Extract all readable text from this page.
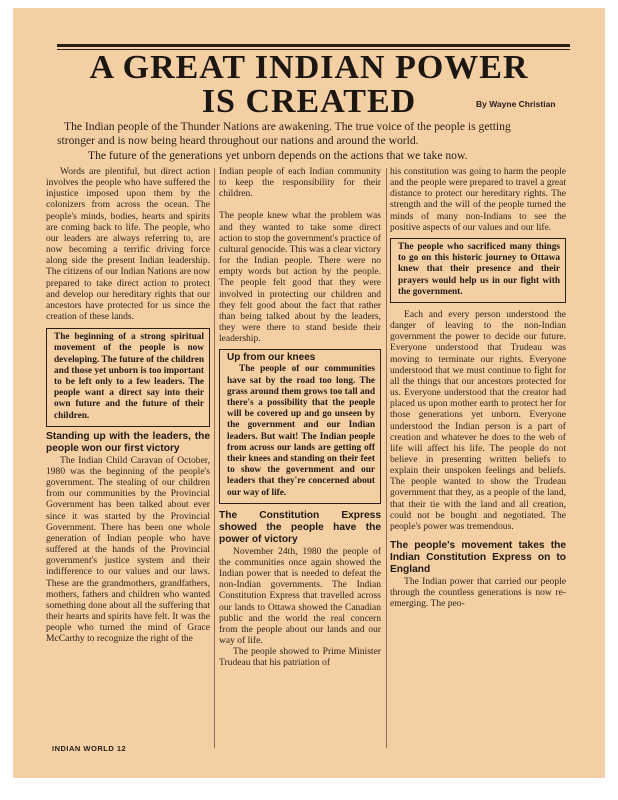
A GREAT INDIAN POWER
IS CREATED	By Wayne Christian
The Indian people of the Thunder Nations are awakening. The true voice of the people is getting
stronger and is now being heard throughout our nations and around the world.
The future of the generations yet unborn depends on the actions that we take now.

Words are plentiful, but direct action involves the people who have suffered the injustice imposed upon them by the colonizers from across the ocean. The people's minds, bodies, hearts and spirits are coming back to life. The people, who our leaders are always referring to, are now becoming a terrific driving force along side the present Indian leadership. The citizens of our Indian Nations are now prepared to take direct action to protect and develop our hereditary rights that our ancestors have protected for us since the creation of these lands.

The beginning of a strong spiritual movement of the people is now developing. The future of the children and those yet unborn is too important to be left only to a few leaders. The people want a direct say into their own future and the future of their children.
Standing up with the leaders, the people won our first victory

The Indian Child Caravan of October, 1980 was the beginning of the people's government. The stealing of our children from our communities by the Provincial Government has been talked about ever since it was started by the Provincial Government. There has been one whole generation of Indian people who have suffered at the hands of the Provincial government's justice system and their indifference to our values and our laws. These are the grandmothers, grandfathers, mothers, fathers and children who wanted something done about all the suffering that their hearts and spirits have felt. It was the people who turned the mind of Grace McCarthy to recognize the right of the

Indian people of each Indian community to keep the responsibility for their children.

The people knew what the problem was and they wanted to take some direct action to stop the government's practice of cultural genocide. This was a clear victory for the Indian people. There were no empty words but action by the people. The people felt good that they were involved in protecting our children and they felt good about the fact that rather than being talked about by the leaders, they were there to stand beside their leadership.

Up from our knees
The people of our communities have sat by the road too long. The grass around them grows too tall and there's a possibility that the people will be covered up and go unseen by the government and our Indian leaders. But wait! The Indian people from across our lands are getting off their knees and standing on their feet to show the government and our leaders that they're concerned about our way of life.
The Constitution Express showed the people have the power of victory

November 24th, 1980 the people of the communities once again showed the Indian power that is needed to defeat the non-Indian governments. The Indian Constitution Express that travelled across our lands to Ottawa showed the Canadian public and the world the real concern from the people about our lands and our way of life.

The people showed to Prime Minister Trudeau that his patriation of

his constitution was going to harm the people and the people were prepared to travel a great distance to protect our hereditary rights. The strength and the will of the people turned the minds of many non-Indians to see the positive aspects of our values and our life.

The people who sacrificed many things to go on this historic journey to Ottawa knew that their presence and their prayers would help us in our fight with the government.

Each and every person understood the danger of leaving to the non-Indian government the power to decide our future. Everyone understood that Trudeau was moving to terminate our rights. Everyone understood that we must continue to fight for all the things that our ancestors protected for us. Everyone understood that the creator had placed us upon mother earth to protect her for those generations yet unborn. Everyone understood the Indian person is a part of creation and whatever he does to the web of life will affect his life. The people do not believe in presenting written beliefs to explain their unspoken feelings and beliefs. The people wanted to show the Trudeau government that they, as a people of the land, that their tie with the land and all creation, could not be bought and negotiated. The people's power was tremendous.

The people's movement takes the Indian Constitution Express on to England

The Indian power that carried our people through the countless generations is now re-emerging. The peo-

INDIAN WORLD 12
